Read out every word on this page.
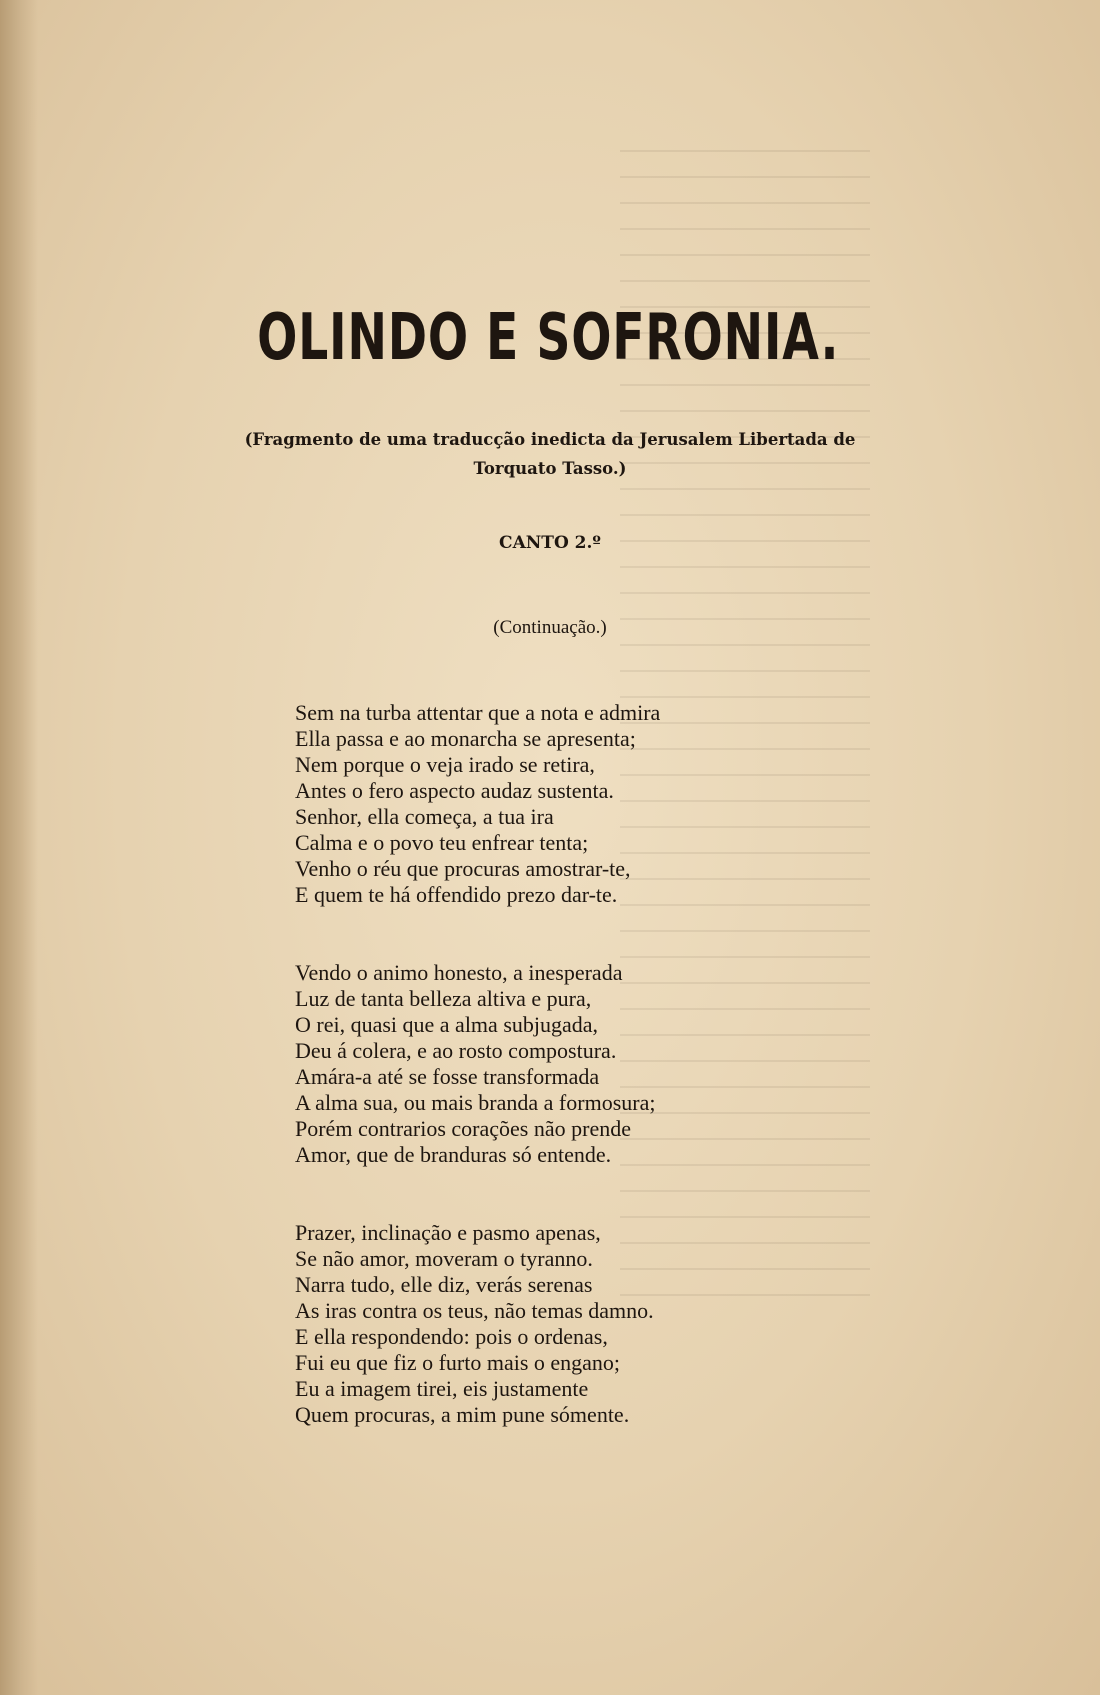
OLINDO E SOFRONIA.
(Fragmento de uma traducção inedicta da Jerusalem Libertada de
Torquato Tasso.)
CANTO 2.º
(Continuação.)
Sem na turba attentar que a nota e admira
Ella passa e ao monarcha se apresenta;
Nem porque o veja irado se retira,
Antes o fero aspecto audaz sustenta.
Senhor, ella começa, a tua ira
Calma e o povo teu enfrear tenta;
Venho o réu que procuras amostrar-te,
E quem te há offendido prezo dar-te.
Vendo o animo honesto, a inesperada
Luz de tanta belleza altiva e pura,
O rei, quasi que a alma subjugada,
Deu á colera, e ao rosto compostura.
Amára-a até se fosse transformada
A alma sua, ou mais branda a formosura;
Porém contrarios corações não prende
Amor, que de branduras só entende.
Prazer, inclinação e pasmo apenas,
Se não amor, moveram o tyranno.
Narra tudo, elle diz, verás serenas
As iras contra os teus, não temas damno.
E ella respondendo: pois o ordenas,
Fui eu que fiz o furto mais o engano;
Eu a imagem tirei, eis justamente
Quem procuras, a mim pune sómente.
